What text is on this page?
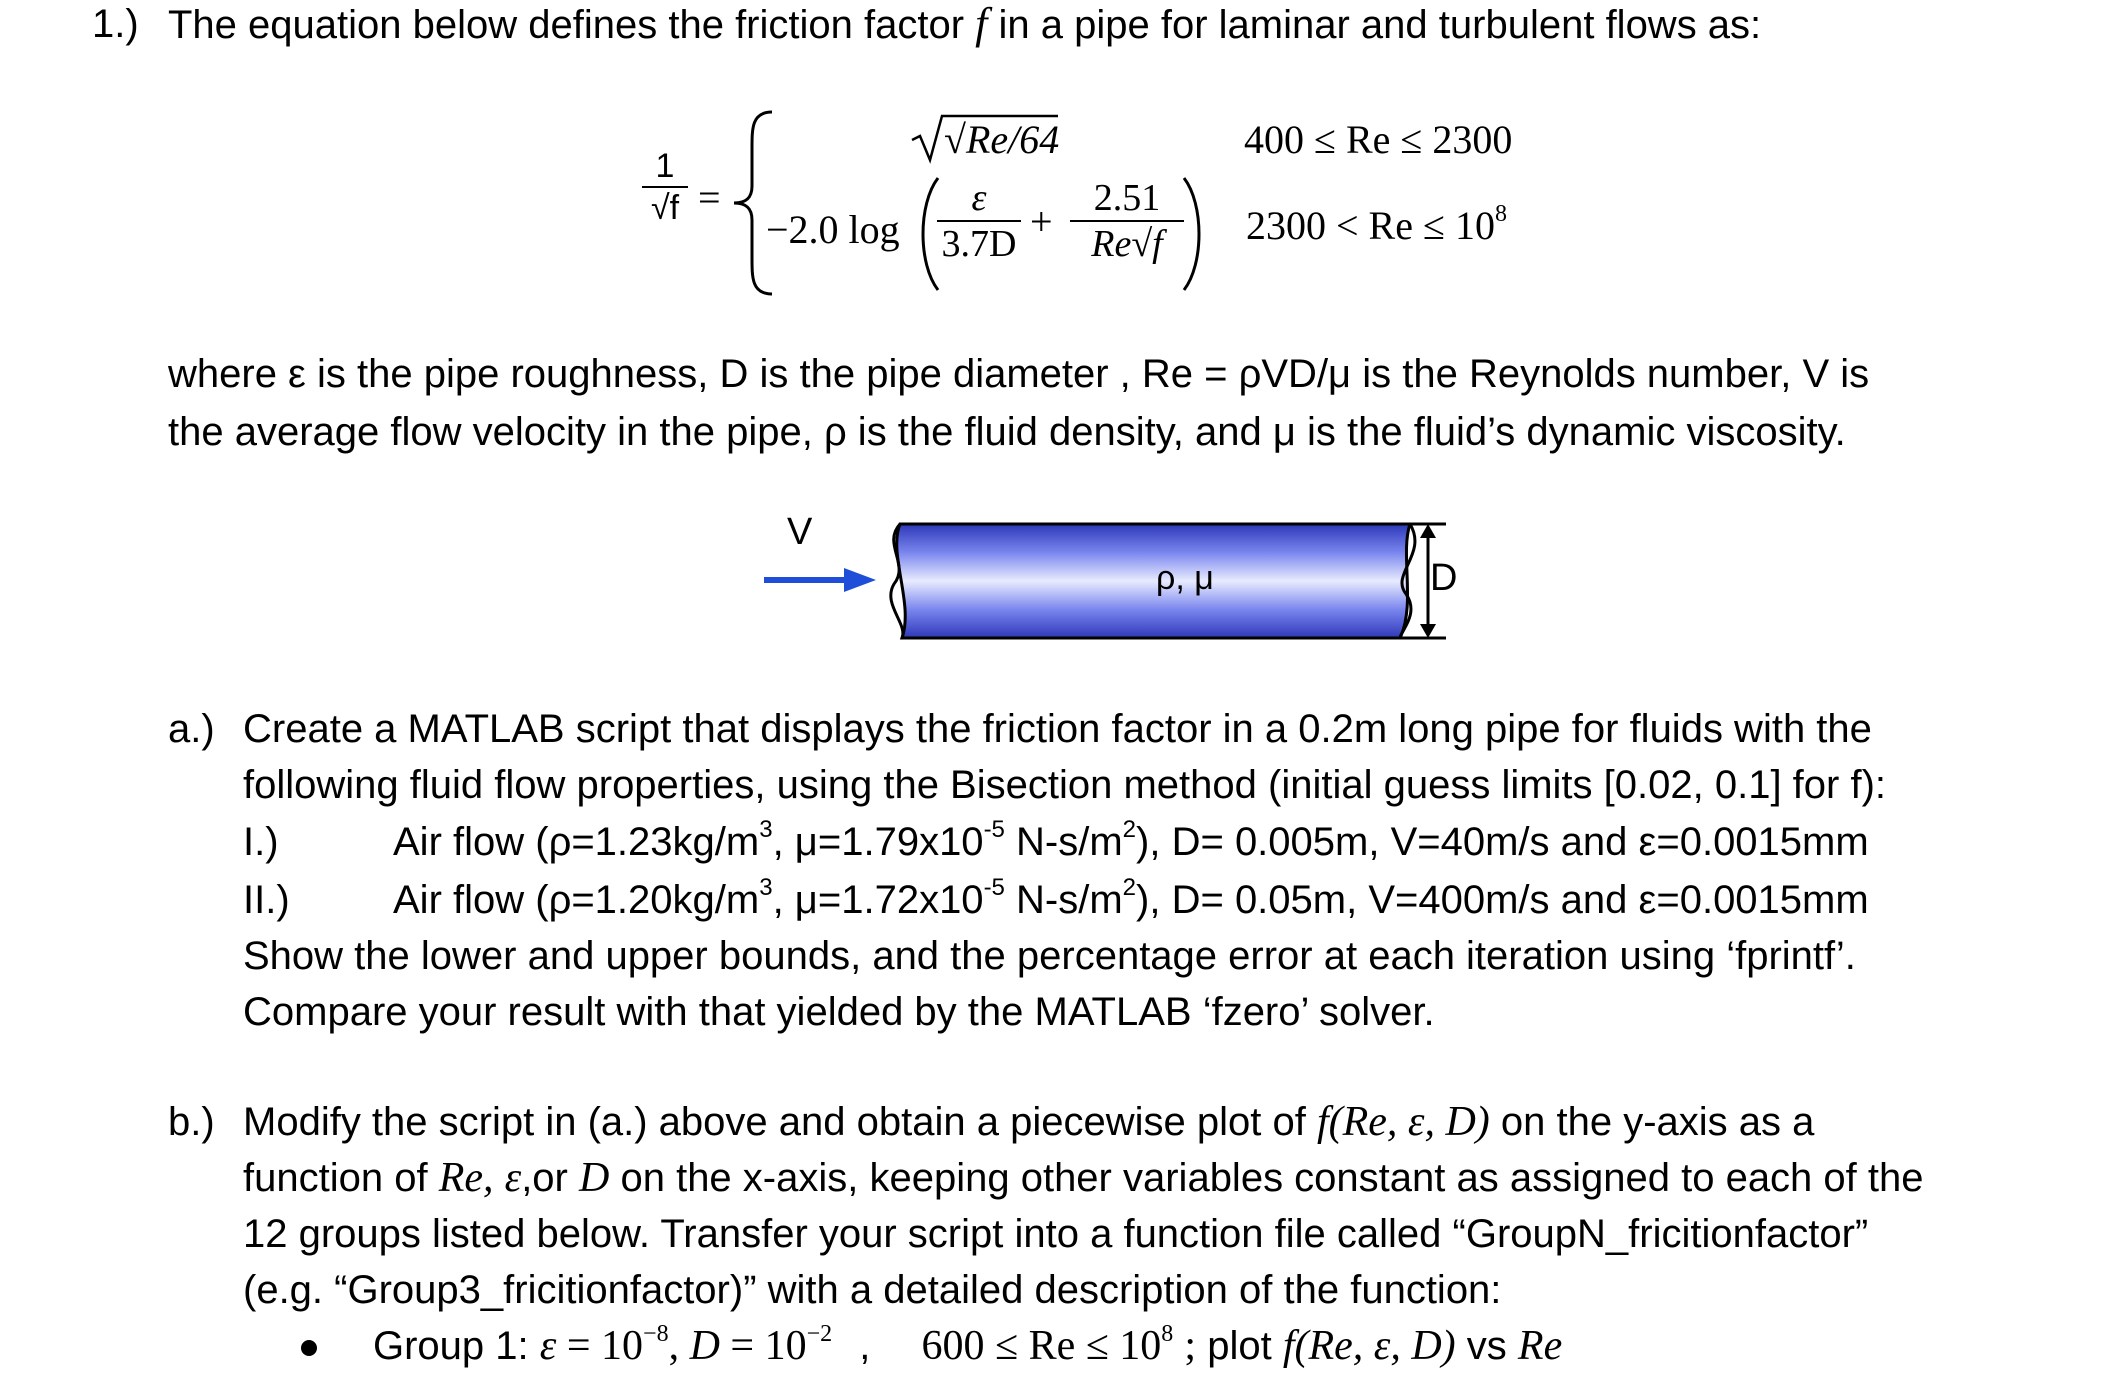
1.) The equation below defines the friction factor f in a pipe for laminar and turbulent flows as:
1
√f =
√Re/64	400 ≤ Re ≤ 2300
−2.0 log
ε
3.7D +
2.51
Re√f	$2300 < Re \le 10^8$
where ε is the pipe roughness, D is the pipe diameter , Re = ρVD/μ is the Reynolds number, V is
the average flow velocity in the pipe, ρ is the fluid density, and μ is the fluid’s dynamic viscosity.
V
ρ, μ	D
a.) Create a MATLAB script that displays the friction factor in a 0.2m long pipe for fluids with the
following fluid flow properties, using the Bisection method (initial guess limits [0.02, 0.1] for f):
I.)	Air flow ($\rho=1.23kg/m^3$, $\mu=1.79x10^{-5}$ $N-s/m^2$), D= 0.005m, V=40m/s and ε=0.0015mm
II.)	Air flow ($\rho=1.20kg/m^3$, $\mu=1.72x10^{-5}$ $N-s/m^2$), D= 0.05m, V=400m/s and ε=0.0015mm
Show the lower and upper bounds, and the percentage error at each iteration using ‘fprintf’.
Compare your result with that yielded by the MATLAB ‘fzero’ solver.
b.) Modify the script in (a.) above and obtain a piecewise plot of f(Re, ε, D) on the y-axis as a
function of Re, ε,or D on the x-axis, keeping other variables constant as assigned to each of the
12 groups listed below. Transfer your script into a function file called “GroupN_fricitionfactor”
(e.g. “Group3_fricitionfactor)” with a detailed description of the function:
Group 1: $\varepsilon = 10^{-8}$, $D = 10^{-2}$ , $600 \le Re \le 10^8$ ; plot f(Re, ε, D) vs Re
